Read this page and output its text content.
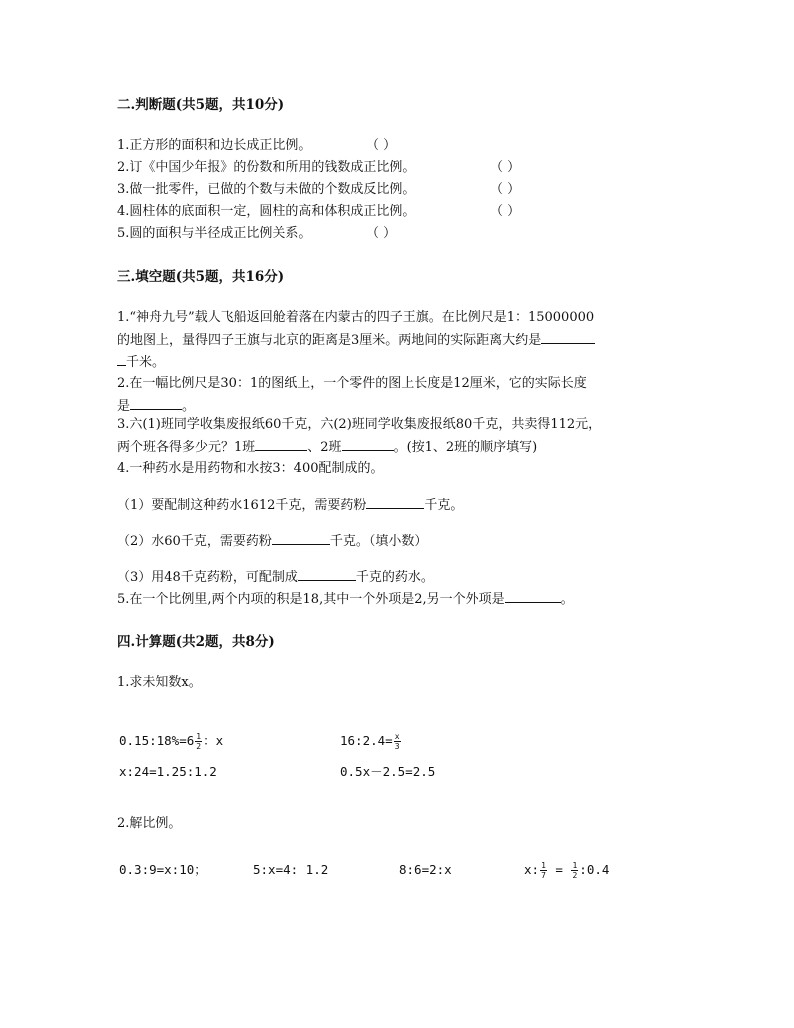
二.判断题(共5题，共10分)
1.正方形的面积和边长成正比例。	（ ）
2.订《中国少年报》的份数和所用的钱数成正比例。	（ ）
3.做一批零件，已做的个数与未做的个数成反比例。	（ ）
4.圆柱体的底面积一定，圆柱的高和体积成正比例。	（ ）
5.圆的面积与半径成正比例关系。	（ ）
三.填空题(共5题，共16分)
1.“神舟九号”载人飞船返回舱着落在内蒙古的四子王旗。在比例尺是1：15000000
的地图上，量得四子王旗与北京的距离是3厘米。两地间的实际距离大约是
千米。
2.在一幅比例尺是30：1的图纸上，一个零件的图上长度是12厘米，它的实际长度
是	。
3.六(1)班同学收集废报纸60千克，六(2)班同学收集废报纸80千克，共卖得112元，
两个班各得多少元？1班	、2班	。(按1、2班的顺序填写)
4.一种药水是用药物和水按3：400配制成的。
（1）要配制这种药水1612千克，需要药粉	千克。
（2）水60千克，需要药粉	千克。（填小数）
（3）用48千克药粉，可配制成	千克的药水。
5.在一个比例里,两个内项的积是18,其中一个外项是2,另一个外项是	。
四.计算题(共2题，共8分)
1.求未知数x。
0.15:18%=6 $\frac{1}{2}$ ：x	16:2.4= $\frac{x}{3}$
x:24=1.25:1.2	0.5x－2.5=2.5
2.解比例。
0.3:9=x:10；	5:x=4: 1.2	8:6=2:x	x: $\frac{1}{7} = \frac{1}{2}$ :0.4
